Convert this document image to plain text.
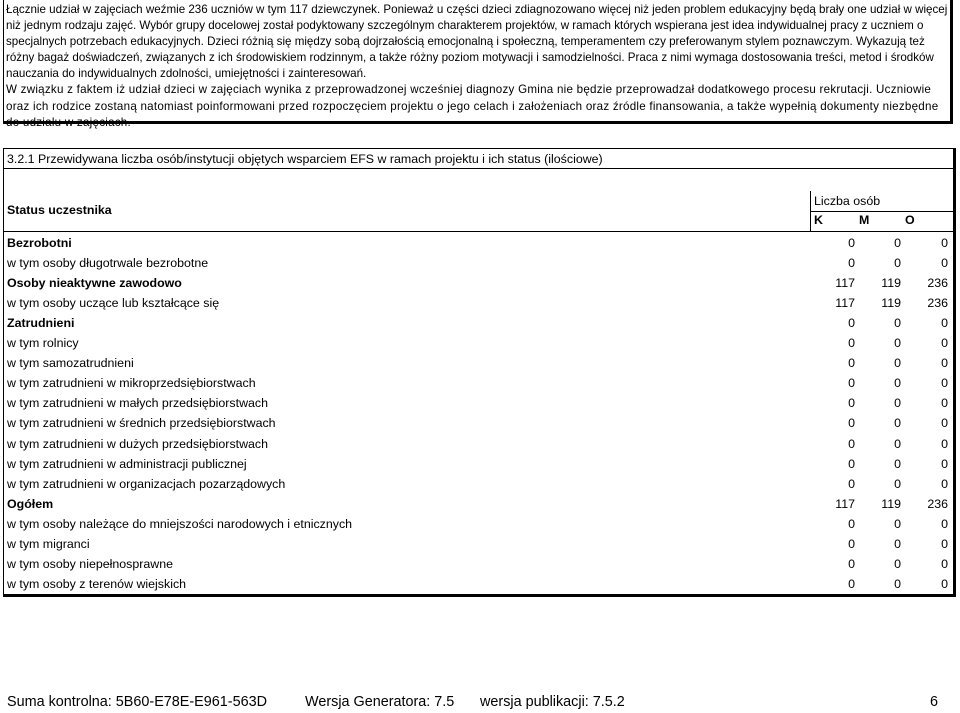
Łącznie udział w zajęciach weźmie 236 uczniów w tym 117 dziewczynek. Ponieważ u części dzieci zdiagnozowano więcej niż jeden problem edukacyjny będą brały one udział w więcej niż jednym rodzaju zajęć. Wybór grupy docelowej został podyktowany szczególnym charakterem projektów, w ramach których wspierana jest idea indywidualnej pracy z uczniem o specjalnych potrzebach edukacyjnych. Dzieci różnią się między sobą dojrzałością emocjonalną i społeczną, temperamentem czy preferowanym stylem poznawczym. Wykazują też różny bagaż doświadczeń, związanych z ich środowiskiem rodzinnym, a także różny poziom motywacji i samodzielności. Praca z nimi wymaga dostosowania treści, metod i środków nauczania do indywidualnych zdolności, umiejętności i zainteresowań.

W związku z faktem iż udział dzieci w zajęciach wynika z przeprowadzonej wcześniej diagnozy Gmina nie będzie przeprowadzał dodatkowego procesu rekrutacji. Uczniowie oraz ich rodzice zostaną natomiast poinformowani przed rozpoczęciem projektu o jego celach i założeniach oraz źródle finansowania, a także wypełnią dokumenty niezbędne do udziału w zajęciach.

3.2.1 Przewidywana liczba osób/instytucji objętych wsparciem EFS w ramach projektu i ich status (ilościowe)
Status uczestnika
Liczba osób
K	M	O
Bezrobotni	0	0	0
w tym osoby długotrwale bezrobotne	0	0	0
Osoby nieaktywne zawodowo	117	119	236
w tym osoby uczące lub kształcące się	117	119	236
Zatrudnieni	0	0	0
w tym rolnicy	0	0	0
w tym samozatrudnieni	0	0	0
w tym zatrudnieni w mikroprzedsiębiorstwach	0	0	0
w tym zatrudnieni w małych przedsiębiorstwach	0	0	0
w tym zatrudnieni w średnich przedsiębiorstwach	0	0	0
w tym zatrudnieni w dużych przedsiębiorstwach	0	0	0
w tym zatrudnieni w administracji publicznej	0	0	0
w tym zatrudnieni w organizacjach pozarządowych	0	0	0
Ogółem	117	119	236
w tym osoby należące do mniejszości narodowych i etnicznych	0	0	0
w tym migranci	0	0	0
w tym osoby niepełnosprawne	0	0	0
w tym osoby z terenów wiejskich	0	0	0
Suma kontrolna: 5B60-E78E-E961-563D	Wersja Generatora: 7.5 wersja publikacji: 7.5.2	6
